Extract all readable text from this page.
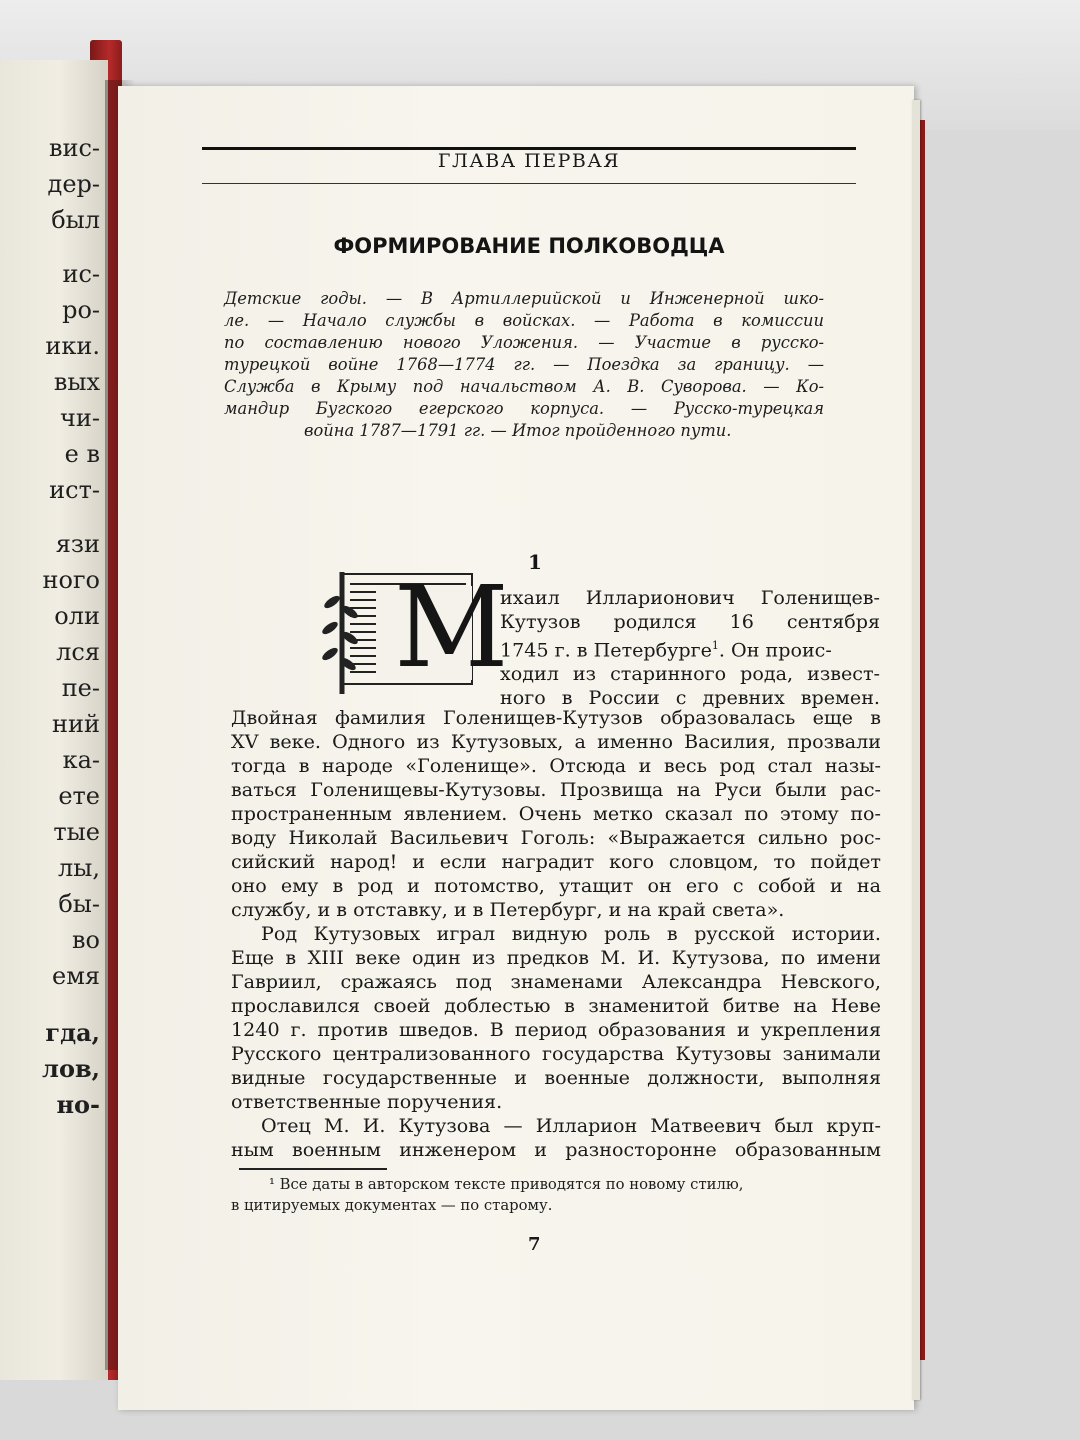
вис-
дер-
был
ис-
ро-
ики.
вых
чи-
е в
ист-
язи
ного
оли
лся
пе-
ний
ка-
ете
тые
лы,
бы-
во
емя
гда,
лов,
но-
ГЛАВА ПЕРВАЯ
ФОРМИРОВАНИЕ ПОЛКОВОДЦА
Детские годы. — В Артиллерийской и Инженерной шко-
ле. — Начало службы в войсках. — Работа в комиссии
по составлению нового Уложения. — Участие в русско-
турецкой войне 1768—1774 гг. — Поездка за границу. —
Служба в Крыму под начальством А. В. Суворова. — Ко-
мандир Бугского егерского корпуса. — Русско-турецкая
война 1787—1791 гг. — Итог пройденного пути.
1
М
ихаил Илларионович Голенищев-
Кутузов родился 16 сентября
1745 г. в Петербурге$^1$. Он проис-
ходил из старинного рода, извест-
ного в России с древних времен.
Двойная фамилия Голенищев-Кутузов образовалась еще в
XV веке. Одного из Кутузовых, а именно Василия, прозвали
тогда в народе «Голенище». Отсюда и весь род стал назы-
ваться Голенищевы-Кутузовы. Прозвища на Руси были рас-
пространенным явлением. Очень метко сказал по этому по-
воду Николай Васильевич Гоголь: «Выражается сильно рос-
сийский народ! и если наградит кого словцом, то пойдет
оно ему в род и потомство, утащит он его с собой и на
службу, и в отставку, и в Петербург, и на край света».
Род Кутузовых играл видную роль в русской истории.
Еще в XIII веке один из предков М. И. Кутузова, по имени
Гавриил, сражаясь под знаменами Александра Невского,
прославился своей доблестью в знаменитой битве на Неве
1240 г. против шведов. В период образования и укрепления
Русского централизованного государства Кутузовы занимали
видные государственные и военные должности, выполняя
ответственные поручения.
Отец М. И. Кутузова — Илларион Матвеевич был круп-
ным военным инженером и разносторонне образованным
¹ Все даты в авторском тексте приводятся по новому стилю,
в цитируемых документах — по старому.
7
